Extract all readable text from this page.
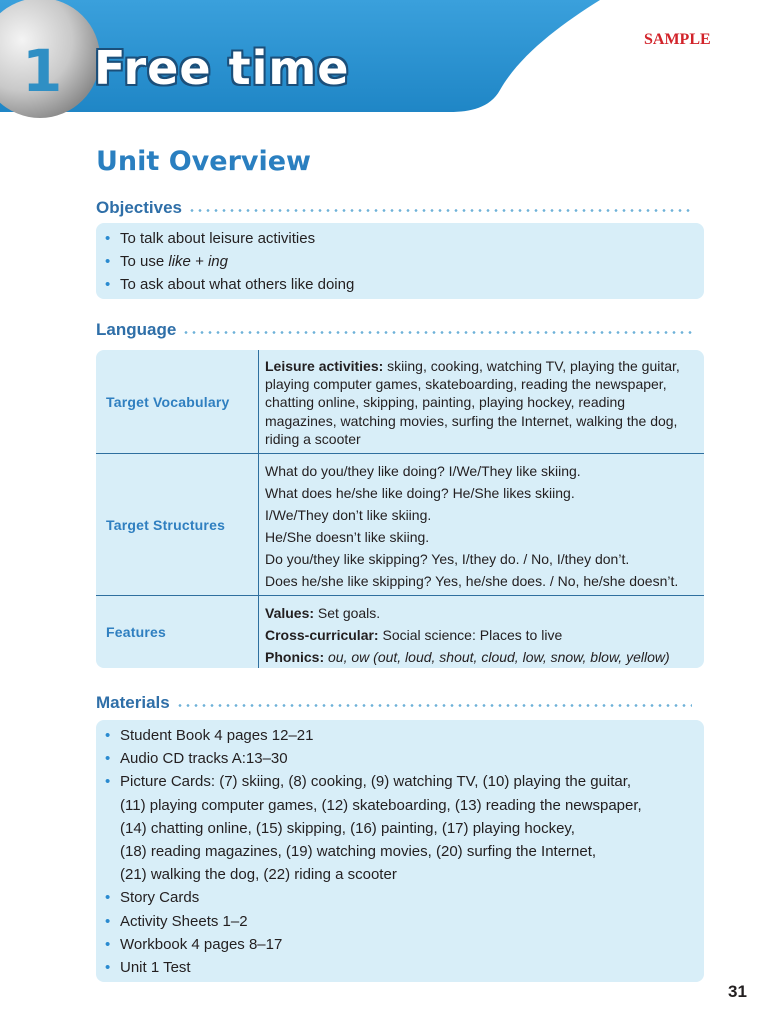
1 Free time
SAMPLE
Unit Overview
Objectives
• To talk about leisure activities
• To use like + ing
• To ask about what others like doing
Language
Target Vocabulary

Leisure activities: skiing, cooking, watching TV, playing the guitar,

playing computer games, skateboarding, reading the newspaper,

chatting online, skipping, painting, playing hockey, reading

magazines, watching movies, surfing the Internet, walking the dog,

riding a scooter

Target Structures

What do you/they like doing? I/We/They like skiing.

What does he/she like doing? He/She likes skiing.

I/We/They don’t like skiing.

He/She doesn’t like skiing.

Do you/they like skipping? Yes, I/they do. / No, I/they don’t.

Does he/she like skipping? Yes, he/she does. / No, he/she doesn’t.

Features

Values: Set goals.

Cross-curricular: Social science: Places to live

Phonics: ou, ow (out, loud, shout, cloud, low, snow, blow, yellow)

Materials
• Student Book 4 pages 12–21
• Audio CD tracks A:13–30
• Picture Cards: (7) skiing, (8) cooking, (9) watching TV, (10) playing the guitar,
(11) playing computer games, (12) skateboarding, (13) reading the newspaper,
(14) chatting online, (15) skipping, (16) painting, (17) playing hockey,
(18) reading magazines, (19) watching movies, (20) surfing the Internet,
(21) walking the dog, (22) riding a scooter
• Story Cards
• Activity Sheets 1–2
• Workbook 4 pages 8–17
• Unit 1 Test
31
